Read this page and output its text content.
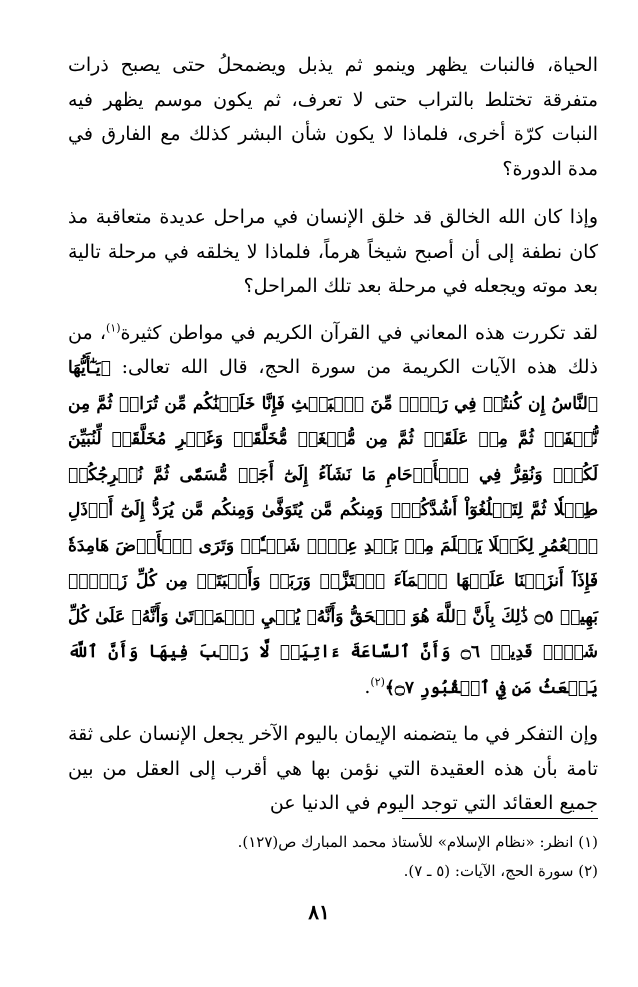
الحياة، فالنبات يظهر وينمو ثم يذبل ويضمحلُ حتى يصبح ذرات متفرقة تختلط بالتراب حتى لا تعرف، ثم يكون موسم يظهر فيه النبات كرّة أخرى، فلماذا لا يكون شأن البشر كذلك مع الفارق في مدة الدورة؟

وإذا كان الله الخالق قد خلق الإنسان في مراحل عديدة متعاقبة مذ كان نطفة إلى أن أصبح شيخاً هرماً، فلماذا لا يخلقه في مرحلة تالية بعد موته ويجعله في مرحلة بعد تلك المراحل؟

لقد تكررت هذه المعاني في القرآن الكريم في مواطن كثيرة$^{(١)}$، من ذلك هذه الآيات الكريمة من سورة الحج، قال الله تعالى: ﴿يَـٰٓأَيُّهَا ٱلنَّاسُ إِن كُنتُمۡ فِي رَيۡبٖ مِّنَ ٱلۡبَعۡثِ فَإِنَّا خَلَقۡنَٰكُم مِّن تُرَابٖ ثُمَّ مِن نُّطۡفَةٖ ثُمَّ مِنۡ عَلَقَةٖ ثُمَّ مِن مُّضۡغَةٖ مُّخَلَّقَةٖ وَغَيۡرِ مُخَلَّقَةٖ لِّنُبَيِّنَ لَكُمۡۚ وَنُقِرُّ فِي ٱلۡأَرۡحَامِ مَا نَشَآءُ إِلَىٰٓ أَجَلٖ مُّسَمّٗى ثُمَّ نُخۡرِجُكُمۡ طِفۡلٗا ثُمَّ لِتَبۡلُغُوٓاْ أَشُدَّكُمۡۖ وَمِنكُم مَّن يُتَوَفَّىٰ وَمِنكُم مَّن يُرَدُّ إِلَىٰٓ أَرۡذَلِ ٱلۡعُمُرِ لِكَيۡلَا يَعۡلَمَ مِنۢ بَعۡدِ عِلۡمٖ شَيۡـٔٗاۚ وَتَرَى ٱلۡأَرۡضَ هَامِدَةٗ فَإِذَآ أَنزَلۡنَا عَلَيۡهَا ٱلۡمَآءَ ٱهۡتَزَّتۡ وَرَبَتۡ وَأَنۢبَتَتۡ مِن كُلِّ زَوۡجِۭ بَهِيجٖ ۝٥ ذَٰلِكَ بِأَنَّ ٱللَّهَ هُوَ ٱلۡحَقُّ وَأَنَّهُۥ يُحۡيِ ٱلۡمَوۡتَىٰ وَأَنَّهُۥ عَلَىٰ كُلِّ شَيۡءٖ قَدِيرٞ ۝٦ وَأَنَّ ٱلسَّاعَةَ ءَاتِيَةٞ لَّا رَيۡبَ فِيهَا وَأَنَّ ٱللَّهَ يَبۡعَثُ مَن فِي ٱلۡقُبُورِ ۝٧﴾$^{(٢)}$.

وإن التفكر في ما يتضمنه الإيمان باليوم الآخر يجعل الإنسان على ثقة تامة بأن هذه العقيدة التي نؤمن بها هي أقرب إلى العقل من بين جميع العقائد التي توجد اليوم في الدنيا عن

(١) انظر: «نظام الإسلام» للأستاذ محمد المبارك ص(١٢٧).

(٢) سورة الحج، الآيات: (٥ ـ ٧).

٨١
